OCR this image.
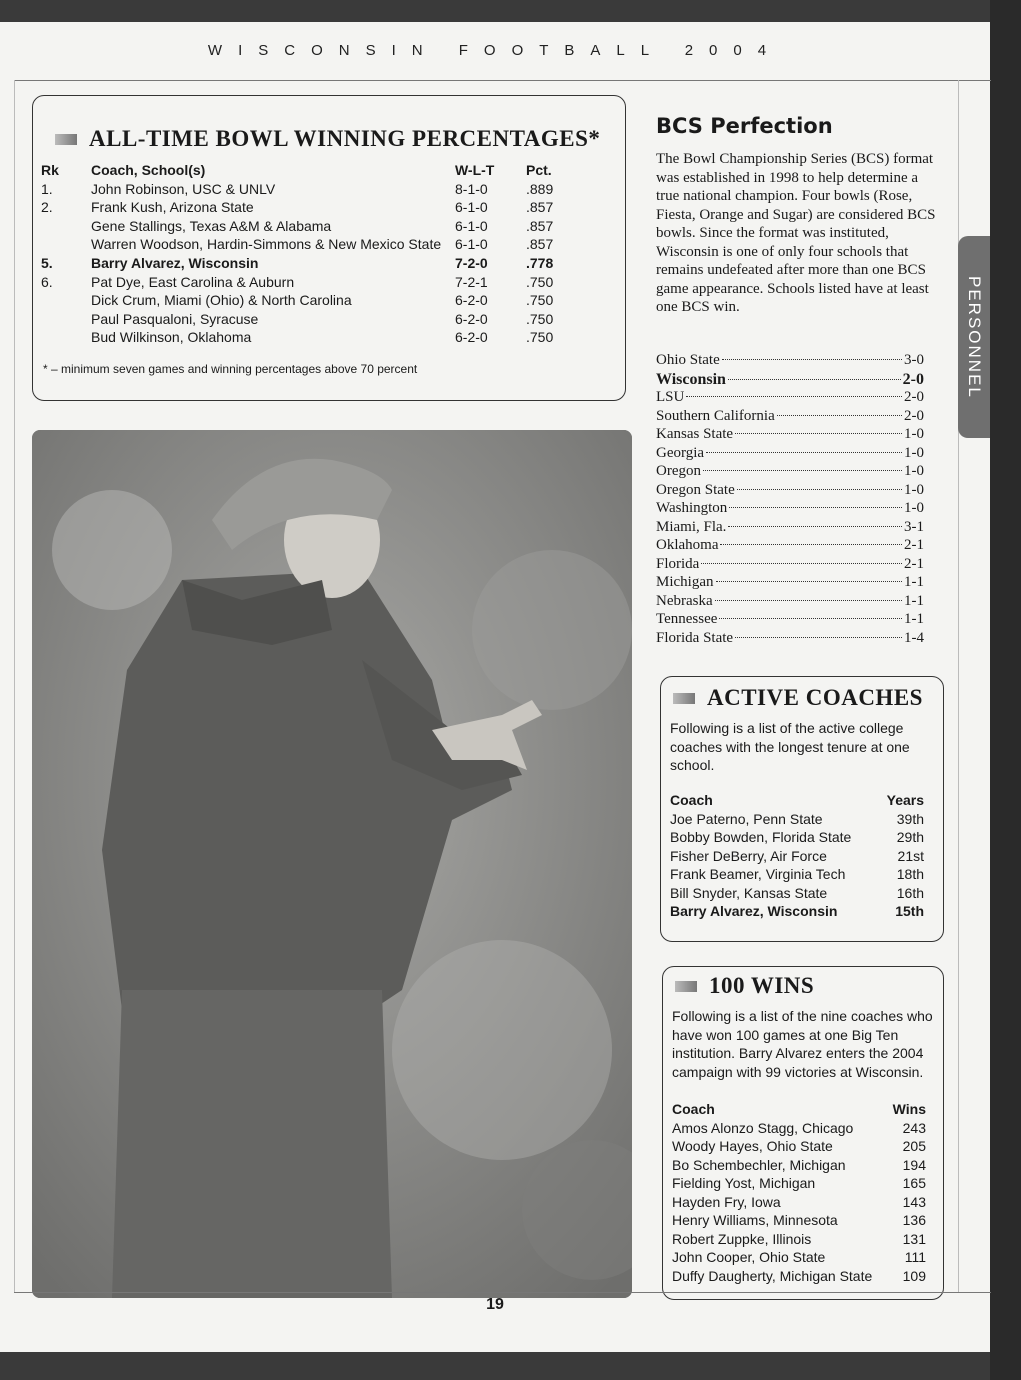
WISCONSIN FOOTBALL 2004
ALL-TIME BOWL WINNING PERCENTAGES*
Rk Coach, School(s)	W-L-T Pct.
1.	John Robinson, USC & UNLV	8-1-0	.889
2.	Frank Kush, Arizona State	6-1-0	.857
Gene Stallings, Texas A&M & Alabama	6-1-0	.857
Warren Woodson, Hardin-Simmons & New Mexico State 6-1-0	.857
5.	Barry Alvarez, Wisconsin	7-2-0	.778
6.	Pat Dye, East Carolina & Auburn	7-2-1	.750
Dick Crum, Miami (Ohio) & North Carolina	6-2-0	.750
Paul Pasqualoni, Syracuse	6-2-0	.750
Bud Wilkinson, Oklahoma	6-2-0	.750
* – minimum seven games and winning percentages above 70 percent
BCS Perfection
The Bowl Championship Series (BCS) format was established in 1998 to help determine a true national champion. Four bowls (Rose, Fiesta, Orange and Sugar) are considered BCS bowls. Since the format was instituted, Wisconsin is one of only four schools that remains undefeated after more than one BCS game appearance. Schools listed have at least one BCS win.
Ohio State	3-0
Wisconsin	2-0
LSU	2-0
Southern California	2-0
Kansas State	1-0
Georgia	1-0
Oregon	1-0
Oregon State	1-0
Washington	1-0
Miami, Fla.	3-1
Oklahoma	2-1
Florida	2-1
Michigan	1-1
Nebraska	1-1
Tennessee	1-1
Florida State	1-4
ACTIVE COACHES
Following is a list of the active college coaches with the longest tenure at one school.
Coach	Years
Joe Paterno, Penn State	39th
Bobby Bowden, Florida State	29th
Fisher DeBerry, Air Force	21st
Frank Beamer, Virginia Tech	18th
Bill Snyder, Kansas State	16th
Barry Alvarez, Wisconsin	15th
100 WINS
Following is a list of the nine coaches who have won 100 games at one Big Ten institution. Barry Alvarez enters the 2004 campaign with 99 victories at Wisconsin.
Coach	Wins
Amos Alonzo Stagg, Chicago	243
Woody Hayes, Ohio State	205
Bo Schembechler, Michigan	194
Fielding Yost, Michigan	165
Hayden Fry, Iowa	143
Henry Williams, Minnesota	136
Robert Zuppke, Illinois	131
John Cooper, Ohio State	111
Duffy Daugherty, Michigan State 109
PERSONNEL
19
